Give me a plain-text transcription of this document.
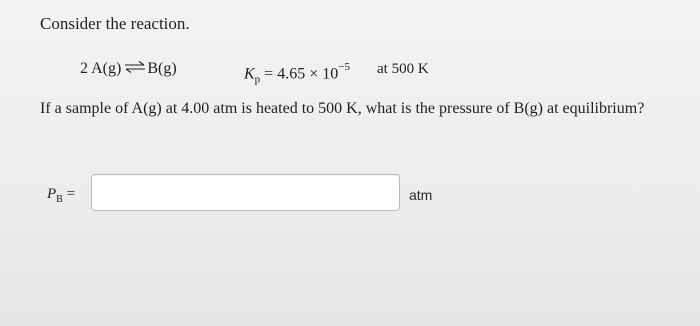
Consider the reaction.
2 A(g) ⇌B(g)	$K_p = 4.65 \times 10^{-5}$ at 500 K
If a sample of A(g) at 4.00 atm is heated to 500 K, what is the pressure of B(g) at equilibrium?
$P_B$ =	atm
